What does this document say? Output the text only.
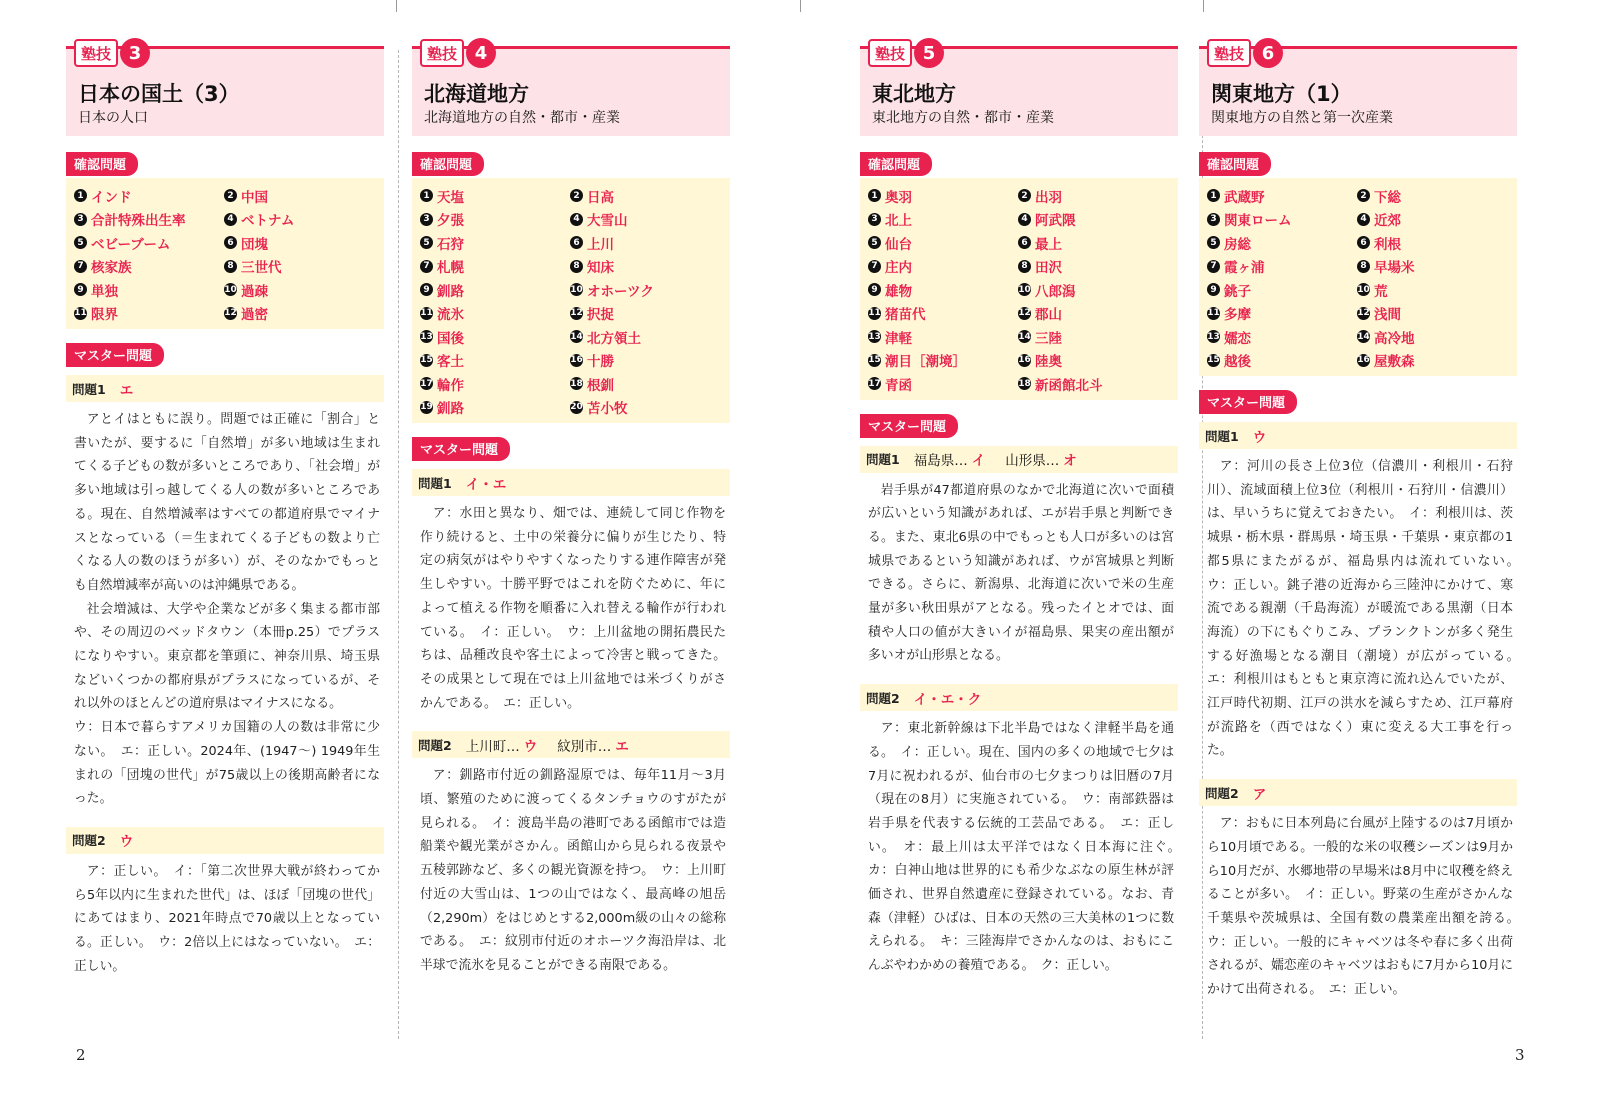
塾技 3
日本の国土（3）
日本の人口
確認問題
1 インド	2 中国
3 合計特殊出生率	4 ベトナム
5 ベビーブーム	6 団塊
7 核家族	8 三世代
9 単独	10 過疎
11 限界	12 過密
マスター問題
問題1 エ

アとイはともに誤り。問題では正確に「割合」と書いたが、要するに「自然増」が多い地域は生まれてくる子どもの数が多いところであり、「社会増」が多い地域は引っ越してくる人の数が多いところである。現在、自然増減率はすべての都道府県でマイナスとなっている（＝生まれてくる子どもの数より亡くなる人の数のほうが多い）が、そのなかでもっとも自然増減率が高いのは沖縄県である。

社会増減は、大学や企業などが多く集まる都市部や、その周辺のベッドタウン（本冊p.25）でプラスになりやすい。東京都を筆頭に、神奈川県、埼玉県などいくつかの都府県がプラスになっているが、それ以外のほとんどの道府県はマイナスになる。

ウ：日本で暮らすアメリカ国籍の人の数は非常に少ない。　エ：正しい。2024年、(1947～) 1949年生まれの「団塊の世代」が75歳以上の後期高齢者になった。

問題2 ウ

ア：正しい。　イ：「第二次世界大戦が終わってから5年以内に生まれた世代」は、ほぼ「団塊の世代」にあてはまり、2021年時点で70歳以上となっている。正しい。　ウ：2倍以上にはなっていない。　エ：正しい。

塾技 4
北海道地方
北海道地方の自然・都市・産業
確認問題
1 天塩	2 日高
3 夕張	4 大雪山
5 石狩	6 上川
7 札幌	8 知床
9 釧路	10 オホーツク
11 流氷	12 択捉
13 国後	14 北方領土
15 客土	16 十勝
17 輪作	18 根釧
19 釧路	20 苫小牧
マスター問題
問題1 イ・エ

ア：水田と異なり、畑では、連続して同じ作物を作り続けると、土中の栄養分に偏りが生じたり、特定の病気がはやりやすくなったりする連作障害が発生しやすい。十勝平野ではこれを防ぐために、年によって植える作物を順番に入れ替える輪作が行われている。　イ：正しい。　ウ：上川盆地の開拓農民たちは、品種改良や客土によって冷害と戦ってきた。その成果として現在では上川盆地では米づくりがさかんである。　エ：正しい。

問題2 上川町… ウ 紋別市… エ

ア：釧路市付近の釧路湿原では、毎年11月～3月頃、繁殖のために渡ってくるタンチョウのすがたが見られる。　イ：渡島半島の港町である函館市では造船業や観光業がさかん。函館山から見られる夜景や五稜郭跡など、多くの観光資源を持つ。　ウ：上川町付近の大雪山は、1つの山ではなく、最高峰の旭岳（2,290m）をはじめとする2,000m級の山々の総称である。　エ：紋別市付近のオホーツク海沿岸は、北半球で流氷を見ることができる南限である。

塾技 5
東北地方
東北地方の自然・都市・産業
確認問題
1 奥羽	2 出羽
3 北上	4 阿武隈
5 仙台	6 最上
7 庄内	8 田沢
9 雄物	10 八郎潟
11 猪苗代	12 郡山
13 津軽	14 三陸
15 潮目［潮境］	16 陸奥
17 青函	18 新函館北斗
マスター問題
問題1 福島県… イ 山形県… オ

岩手県が47都道府県のなかで北海道に次いで面積が広いという知識があれば、エが岩手県と判断できる。また、東北6県の中でもっとも人口が多いのは宮城県であるという知識があれば、ウが宮城県と判断できる。さらに、新潟県、北海道に次いで米の生産量が多い秋田県がアとなる。残ったイとオでは、面積や人口の値が大きいイが福島県、果実の産出額が多いオが山形県となる。

問題2 イ・エ・ク

ア：東北新幹線は下北半島ではなく津軽半島を通る。　イ：正しい。現在、国内の多くの地域で七夕は7月に祝われるが、仙台市の七夕まつりは旧暦の7月（現在の8月）に実施されている。　ウ：南部鉄器は岩手県を代表する伝統的工芸品である。　エ：正しい。　オ：最上川は太平洋ではなく日本海に注ぐ。　カ：白神山地は世界的にも希少なぶなの原生林が評価され、世界自然遺産に登録されている。なお、青森（津軽）ひばは、日本の天然の三大美林の1つに数えられる。　キ：三陸海岸でさかんなのは、おもにこんぶやわかめの養殖である。　ク：正しい。

塾技 6
関東地方（1）
関東地方の自然と第一次産業
確認問題
1 武蔵野	2 下総
3 関東ローム	4 近郊
5 房総	6 利根
7 霞ヶ浦	8 早場米
9 銚子	10 荒
11 多摩	12 浅間
13 嬬恋	14 高冷地
15 越後	16 屋敷森
マスター問題
問題1 ウ

ア：河川の長さ上位3位（信濃川・利根川・石狩川）、流域面積上位3位（利根川・石狩川・信濃川）は、早いうちに覚えておきたい。　イ：利根川は、茨城県・栃木県・群馬県・埼玉県・千葉県・東京都の1都5県にまたがるが、福島県内は流れていない。　ウ：正しい。銚子港の近海から三陸沖にかけて、寒流である親潮（千島海流）が暖流である黒潮（日本海流）の下にもぐりこみ、プランクトンが多く発生する好漁場となる潮目（潮境）が広がっている。　エ：利根川はもともと東京湾に流れ込んでいたが、江戸時代初期、江戸の洪水を減らすため、江戸幕府が流路を（西ではなく）東に変える大工事を行った。

問題2 ア

ア：おもに日本列島に台風が上陸するのは7月頃から10月頃である。一般的な米の収穫シーズンは9月から10月だが、水郷地帯の早場米は8月中に収穫を終えることが多い。　イ：正しい。野菜の生産がさかんな千葉県や茨城県は、全国有数の農業産出額を誇る。　ウ：正しい。一般的にキャベツは冬や春に多く出荷されるが、嬬恋産のキャベツはおもに7月から10月にかけて出荷される。　エ：正しい。

2	3
